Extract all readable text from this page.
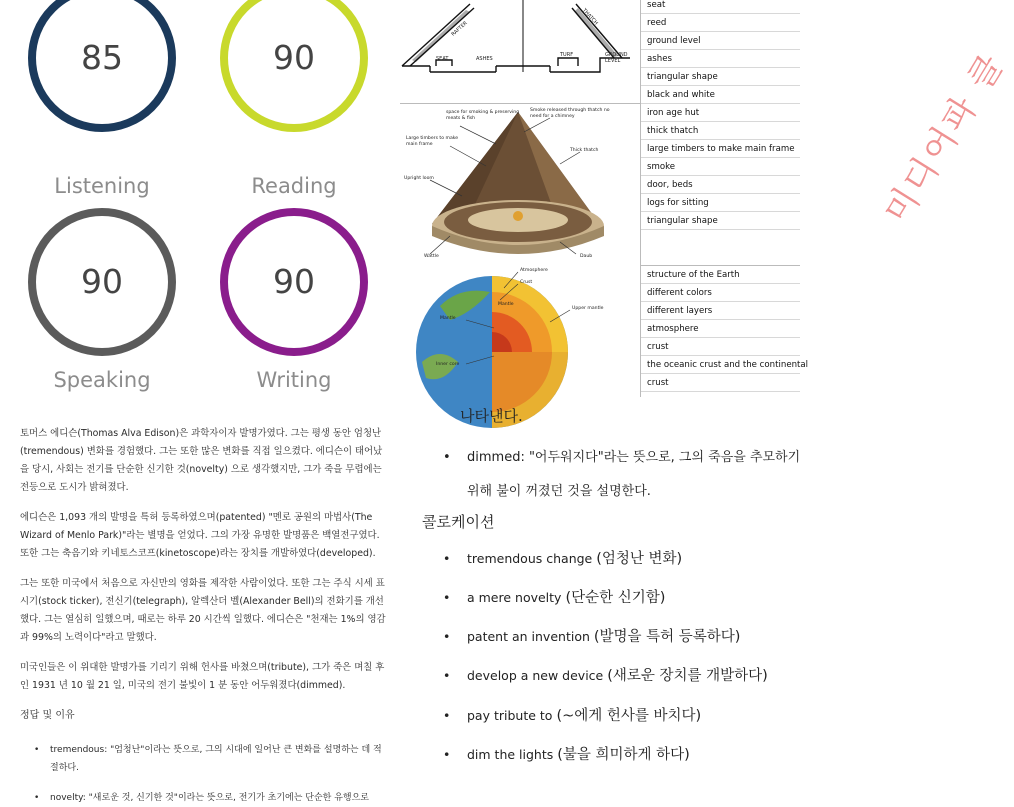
85
Listening
90
Reading
90
Speaking
90
Writing
RAFTER
THATCH
SEAT	ASHES
TURF	GROUND LEVEL
seat
reed
ground level
ashes
triangular shape
black and white
space for smoking & preserving meats & fish
Smoke released through thatch no need for a chimney
Large timbers to make main frame
Thick thatch
Upright loom
Wattle	Daub
iron age hut
thick thatch
large timbers to make main frame
smoke
door, beds
logs for sitting
triangular shape
Atmosphere
Crust
Mantle
Upper mantle
Mantle
Inner core
structure of the Earth
different colors
different layers
atmosphere
crust
the oceanic crust and the continental
crust
미디어파 클

토머스 에디슨(Thomas Alva Edison)은 과학자이자 발명가였다. 그는 평생 동안 엄청난(tremendous) 변화를 경험했다. 그는 또한 많은 변화를 직접 일으켰다. 에디슨이 태어났을 당시, 사회는 전기를 단순한 신기한 것(novelty) 으로 생각했지만, 그가 죽을 무렵에는 전등으로 도시가 밝혀졌다.

에디슨은 1,093 개의 발명을 특허 등록하였으며(patented) "멘로 공원의 마법사(The Wizard of Menlo Park)"라는 별명을 얻었다. 그의 가장 유명한 발명품은 백열전구였다. 또한 그는 축음기와 키네토스코프(kinetoscope)라는 장치를 개발하였다(developed).

그는 또한 미국에서 처음으로 자신만의 영화를 제작한 사람이었다. 또한 그는 주식 시세 표시기(stock ticker), 전신기(telegraph), 알렉산더 벨(Alexander Bell)의 전화기를 개선했다. 그는 열심히 일했으며, 때로는 하루 20 시간씩 일했다. 에디슨은 "천재는 1%의 영감과 99%의 노력이다"라고 말했다.

미국인들은 이 위대한 발명가를 기리기 위해 헌사를 바쳤으며(tribute), 그가 죽은 며칠 후인 1931 년 10 월 21 일, 미국의 전기 불빛이 1 분 동안 어두워졌다(dimmed).

정답 및 이유
• tremendous: "엄청난"이라는 뜻으로, 그의 시대에 일어난 큰 변화를 설명하는 데 적절하다.
• novelty: "새로운 것, 신기한 것"이라는 뜻으로, 전기가 초기에는 단순한 유행으로
나타낸다.
• dimmed: "어두워지다"라는 뜻으로, 그의 죽음을 추모하기 위해 불이 꺼졌던 것을 설명한다.
콜로케이션
• tremendous change (엄청난 변화)
• a mere novelty (단순한 신기함)
• patent an invention (발명을 특허 등록하다)
• develop a new device (새로운 장치를 개발하다)
• pay tribute to (~에게 헌사를 바치다)
• dim the lights (불을 희미하게 하다)
